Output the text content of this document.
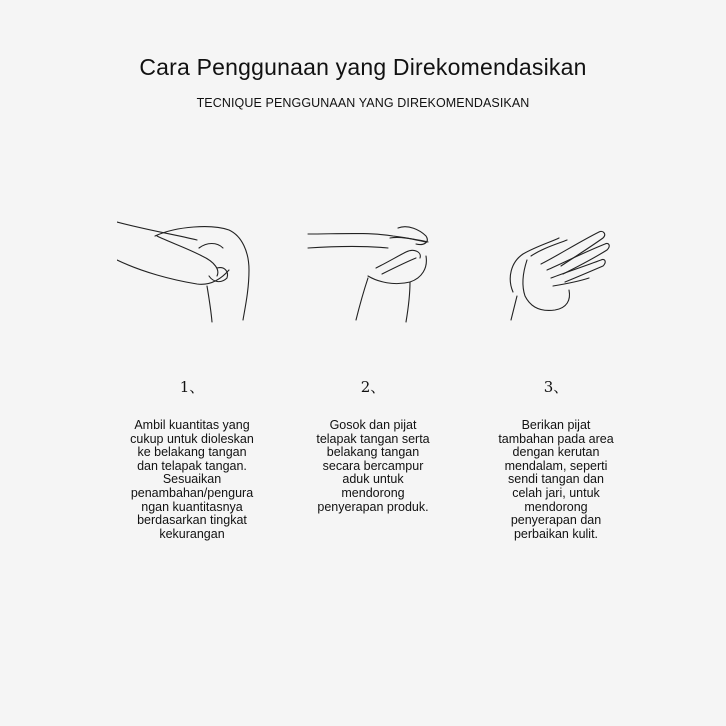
Cara Penggunaan yang Direkomendasikan
TECNIQUE PENGGUNAAN YANG DIREKOMENDASIKAN
1、
Ambil kuantitas yang
cukup untuk dioleskan
ke belakang tangan
dan telapak tangan.
Sesuaikan
penambahan/pengura
ngan kuantitasnya
berdasarkan tingkat
kekurangan
2、
Gosok dan pijat
telapak tangan serta
belakang tangan
secara bercampur
aduk untuk
mendorong
penyerapan produk.
3、
Berikan pijat
tambahan pada area
dengan kerutan
mendalam, seperti
sendi tangan dan
celah jari, untuk
mendorong
penyerapan dan
perbaikan kulit.
